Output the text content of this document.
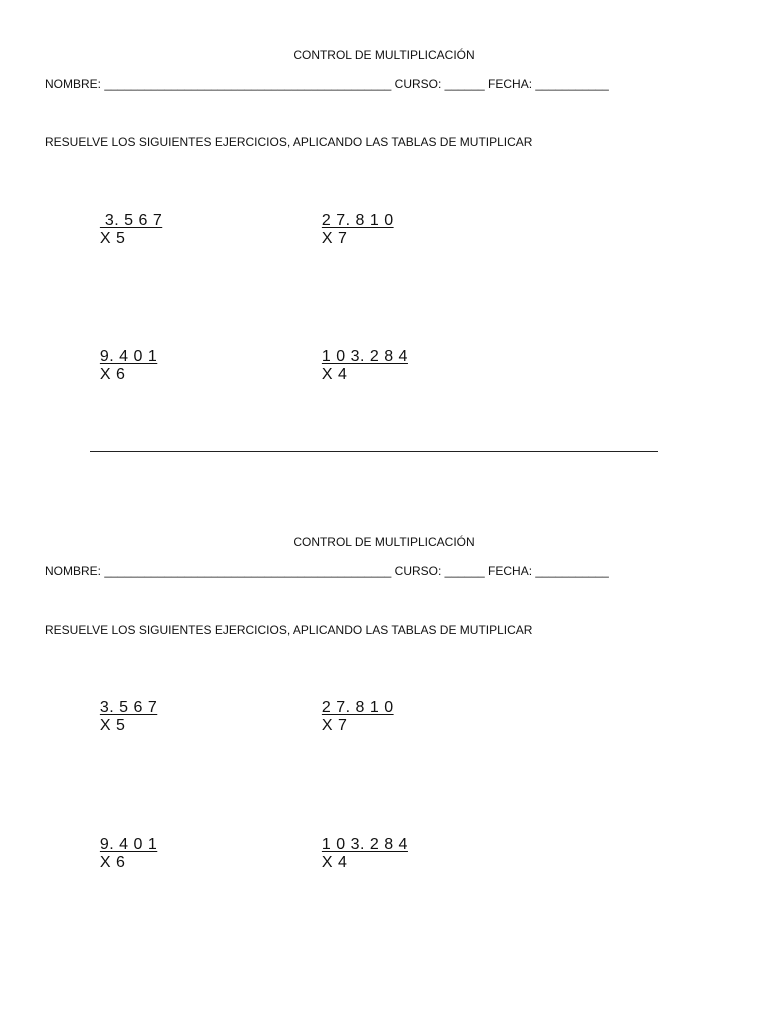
CONTROL DE MULTIPLICACIÓN
NOMBRE: ___________________________________________ CURSO: ______ FECHA: ___________
RESUELVE LOS SIGUIENTES EJERCICIOS, APLICANDO LAS TABLAS DE MUTIPLICAR

3. 5 6 7
X 5

2 7. 8 1 0
X 7

9. 4 0 1
X 6

1 0 3. 2 8 4
X 4

CONTROL DE MULTIPLICACIÓN
NOMBRE: ___________________________________________ CURSO: ______ FECHA: ___________
RESUELVE LOS SIGUIENTES EJERCICIOS, APLICANDO LAS TABLAS DE MUTIPLICAR

3. 5 6 7
X 5

2 7. 8 1 0
X 7

9. 4 0 1
X 6

1 0 3. 2 8 4
X 4
